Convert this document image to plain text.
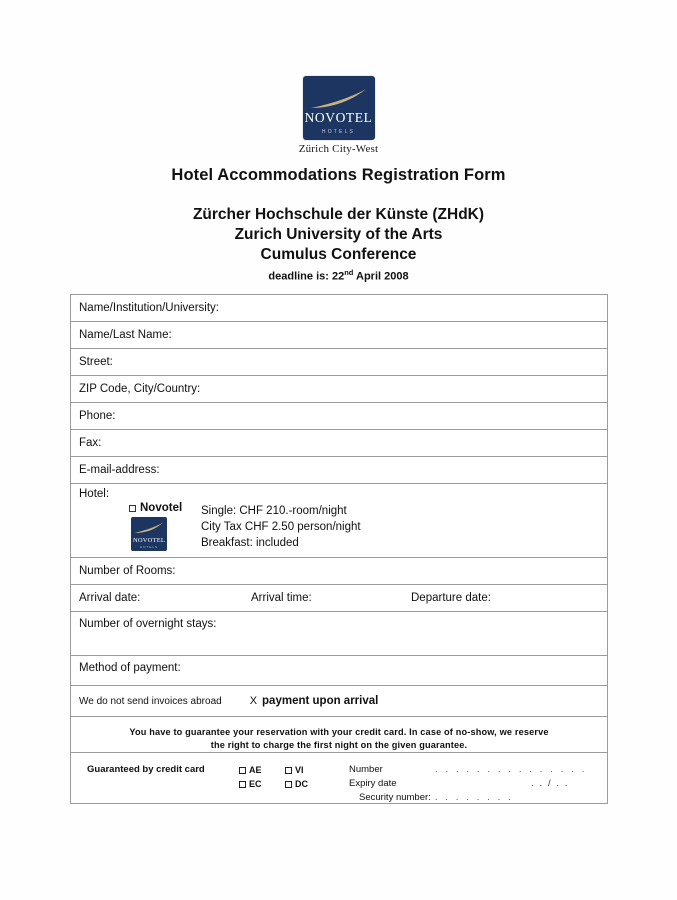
NOVOTEL
HOTELS
Zürich City-West
Hotel Accommodations Registration Form
Zürcher Hochschule der Künste (ZHdK)
Zurich University of the Arts
Cumulus Conference
deadline is: 22nd April 2008
Name/Institution/University:
Name/Last Name:
Street:
ZIP Code, City/Country:
Phone:
Fax:
E-mail-address:
Hotel:
Novotel
NOVOTEL
HOTELS
Single: CHF 210.-room/night
City Tax CHF 2.50 person/night
Breakfast: included
Number of Rooms:
Arrival date:	Arrival time:	Departure date:
Number of overnight stays:
Method of payment:
We do not send invoices abroad	X payment upon arrival
You have to guarantee your reservation with your credit card. In case of no-show, we reserve
the right to charge the first night on the given guarantee.
Guaranteed by credit card	AE	VI
EC	DC
Number	. . . . . . . . . . . . . . .
Expiry date	. . / . .
Security number: . . . . . . . .
